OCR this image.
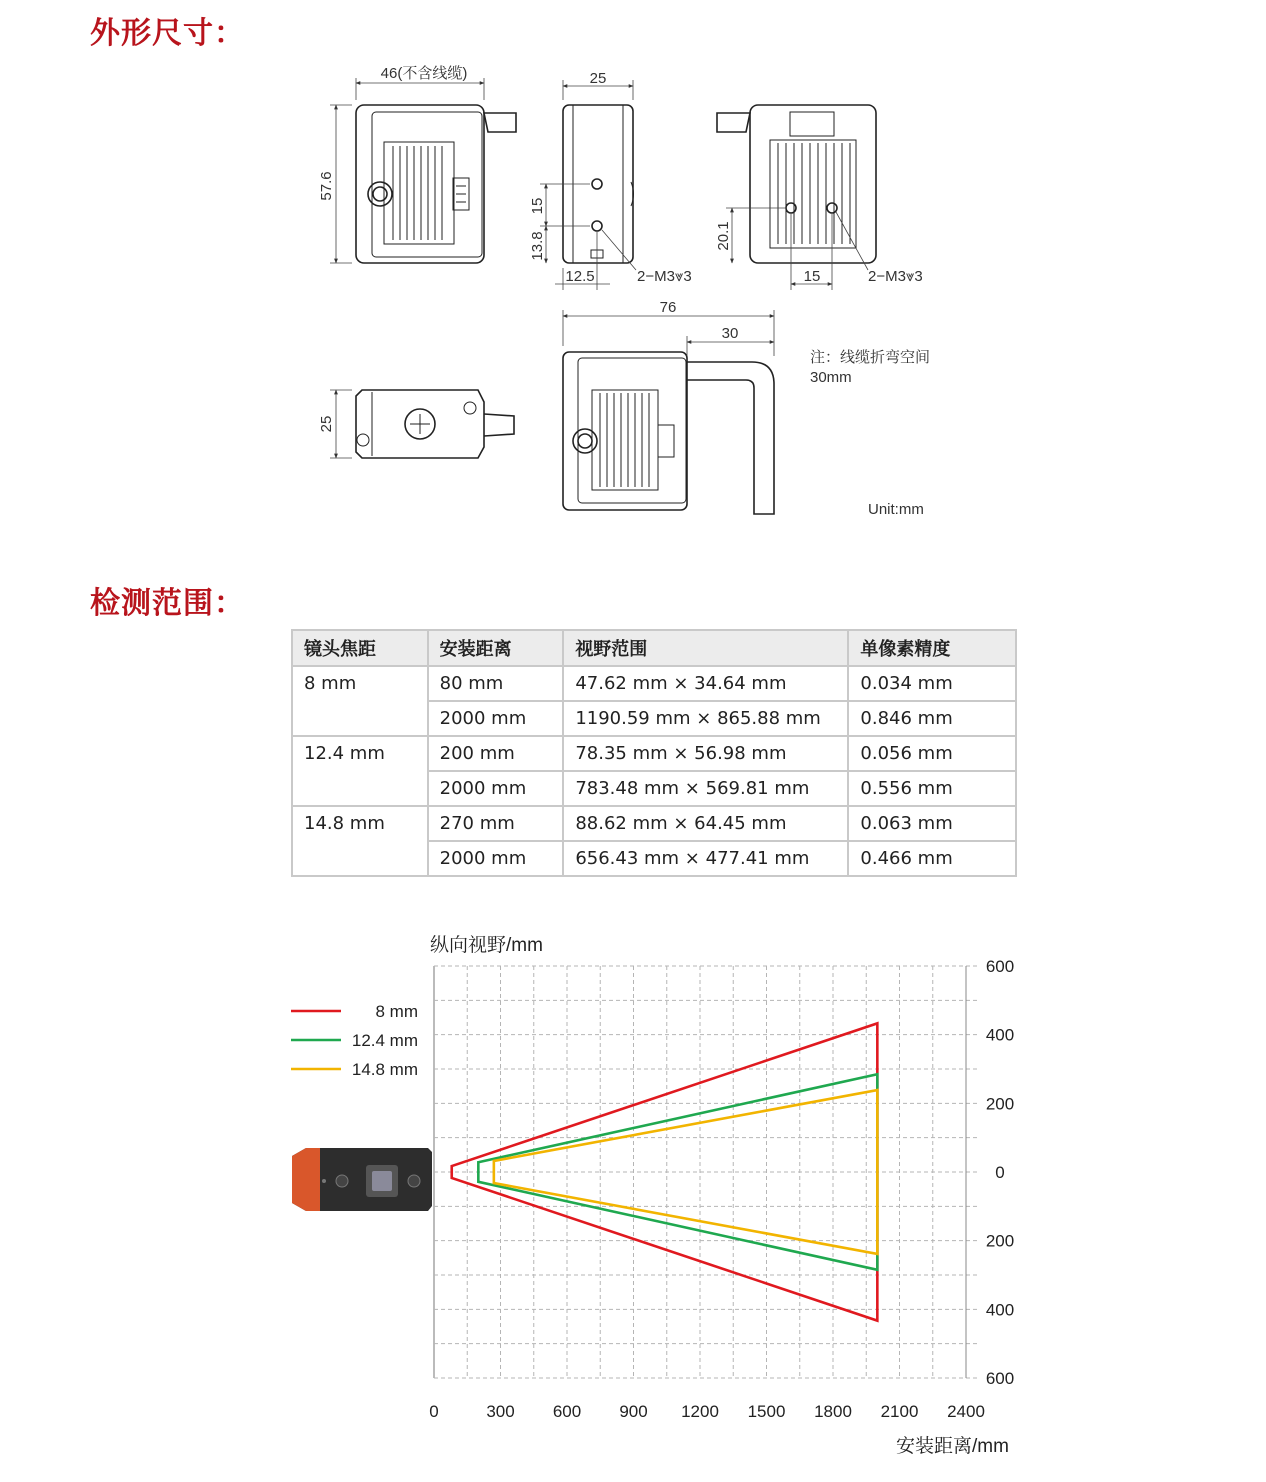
外形尺寸：
46(不含线缆)
57.6
25
15
13.8
12.5	2−M3⩔3
20.1
15	2−M3⩔3
25
76
30
注：线缆折弯空间
30mm
Unit:mm
检测范围：
镜头焦距	安装距离	视野范围	单像素精度
8 mm	80 mm	47.62 mm × 34.64 mm	0.034 mm
	2000 mm	1190.59 mm × 865.88 mm	0.846 mm
12.4 mm	200 mm	78.35 mm × 56.98 mm	0.056 mm
	2000 mm	783.48 mm × 569.81 mm	0.556 mm
14.8 mm	270 mm	88.62 mm × 64.45 mm	0.063 mm
	2000 mm	656.43 mm × 477.41 mm	0.466 mm
8 mm
12.4 mm
14.8 mm
0	300 600 900 1200 1500 1800 2100 2400
600
400
200
0
200
400
600
纵向视野/mm
安装距离/mm
